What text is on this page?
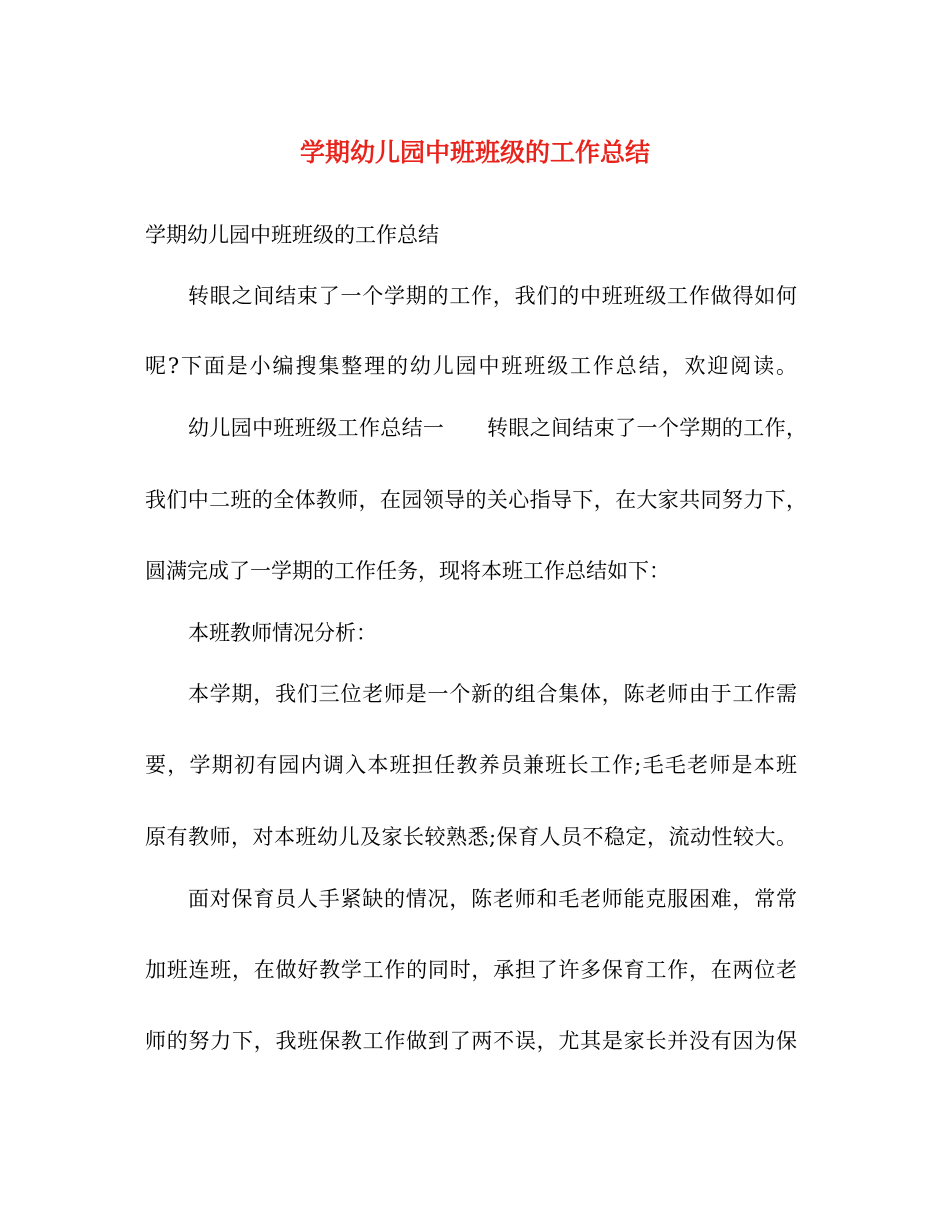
学期幼儿园中班班级的工作总结
学期幼儿园中班班级的工作总结
转眼之间结束了一个学期的工作，我们的中班班级工作做得如何
呢?下面是小编搜集整理的幼儿园中班班级工作总结，欢迎阅读。
幼儿园中班班级工作总结一　　转眼之间结束了一个学期的工作，
我们中二班的全体教师，在园领导的关心指导下，在大家共同努力下，
圆满完成了一学期的工作任务，现将本班工作总结如下：
本班教师情况分析：
本学期，我们三位老师是一个新的组合集体，陈老师由于工作需
要，学期初有园内调入本班担任教养员兼班长工作;毛毛老师是本班
原有教师，对本班幼儿及家长较熟悉;保育人员不稳定，流动性较大。
面对保育员人手紧缺的情况，陈老师和毛老师能克服困难，常常
加班连班，在做好教学工作的同时，承担了许多保育工作，在两位老
师的努力下，我班保教工作做到了两不误，尤其是家长并没有因为保
